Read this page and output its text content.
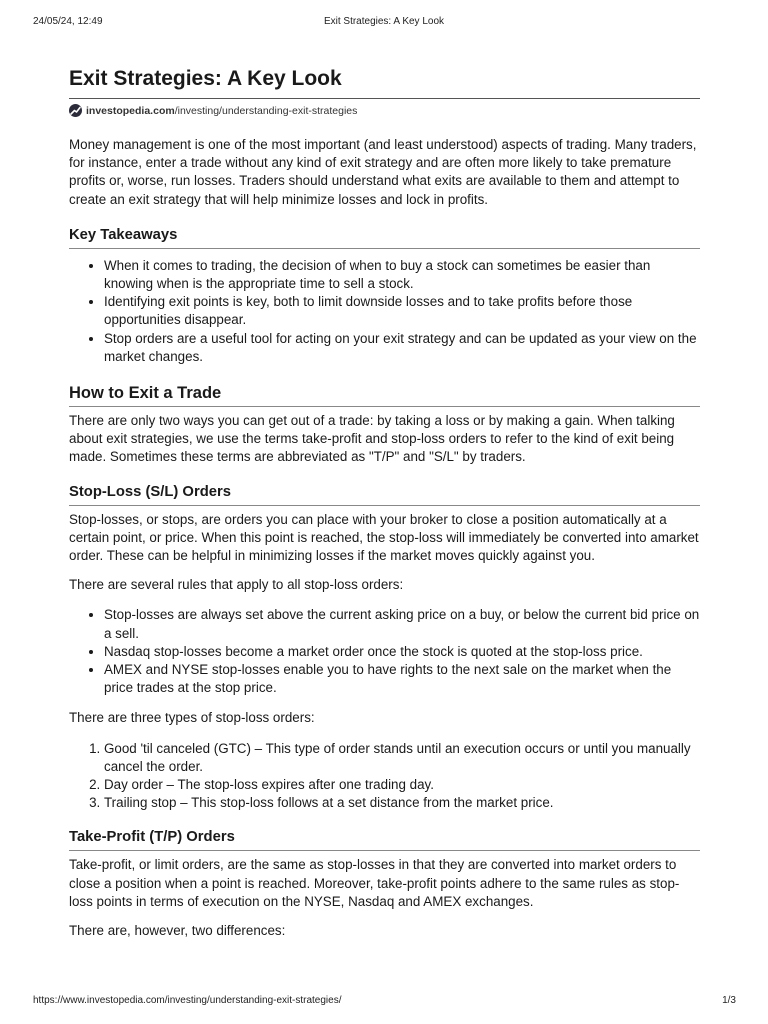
24/05/24, 12:49	Exit Strategies: A Key Look
Exit Strategies: A Key Look
investopedia.com /investing/understanding-exit-strategies

Money management is one of the most important (and least understood) aspects of trading. Many traders, for instance, enter a trade without any kind of exit strategy and are often more likely to take premature profits or, worse, run losses. Traders should understand what exits are available to them and attempt to create an exit strategy that will help minimize losses and lock in profits.

Key Takeaways
• When it comes to trading, the decision of when to buy a stock can sometimes be easier than knowing when is the appropriate time to sell a stock.
• Identifying exit points is key, both to limit downside losses and to take profits before those opportunities disappear.
• Stop orders are a useful tool for acting on your exit strategy and can be updated as your view on the market changes.
How to Exit a Trade

There are only two ways you can get out of a trade: by taking a loss or by making a gain. When talking about exit strategies, we use the terms take-profit and stop-loss orders to refer to the kind of exit being made. Sometimes these terms are abbreviated as "T/P" and "S/L" by traders.

Stop-Loss (S/L) Orders

Stop-losses, or stops, are orders you can place with your broker to close a position automatically at a certain point, or price. When this point is reached, the stop-loss will immediately be converted into amarket order. These can be helpful in minimizing losses if the market moves quickly against you.

There are several rules that apply to all stop-loss orders:

• Stop-losses are always set above the current asking price on a buy, or below the current bid price on a sell.
• Nasdaq stop-losses become a market order once the stock is quoted at the stop-loss price.
• AMEX and NYSE stop-losses enable you to have rights to the next sale on the market when the price trades at the stop price.

There are three types of stop-loss orders:

1. Good 'til canceled (GTC) – This type of order stands until an execution occurs or until you manually cancel the order.
2. Day order – The stop-loss expires after one trading day.
3. Trailing stop – This stop-loss follows at a set distance from the market price.
Take-Profit (T/P) Orders

Take-profit, or limit orders, are the same as stop-losses in that they are converted into market orders to close a position when a point is reached. Moreover, take-profit points adhere to the same rules as stop-loss points in terms of execution on the NYSE, Nasdaq and AMEX exchanges.

There are, however, two differences:

https://www.investopedia.com/investing/understanding-exit-strategies/	1/3
